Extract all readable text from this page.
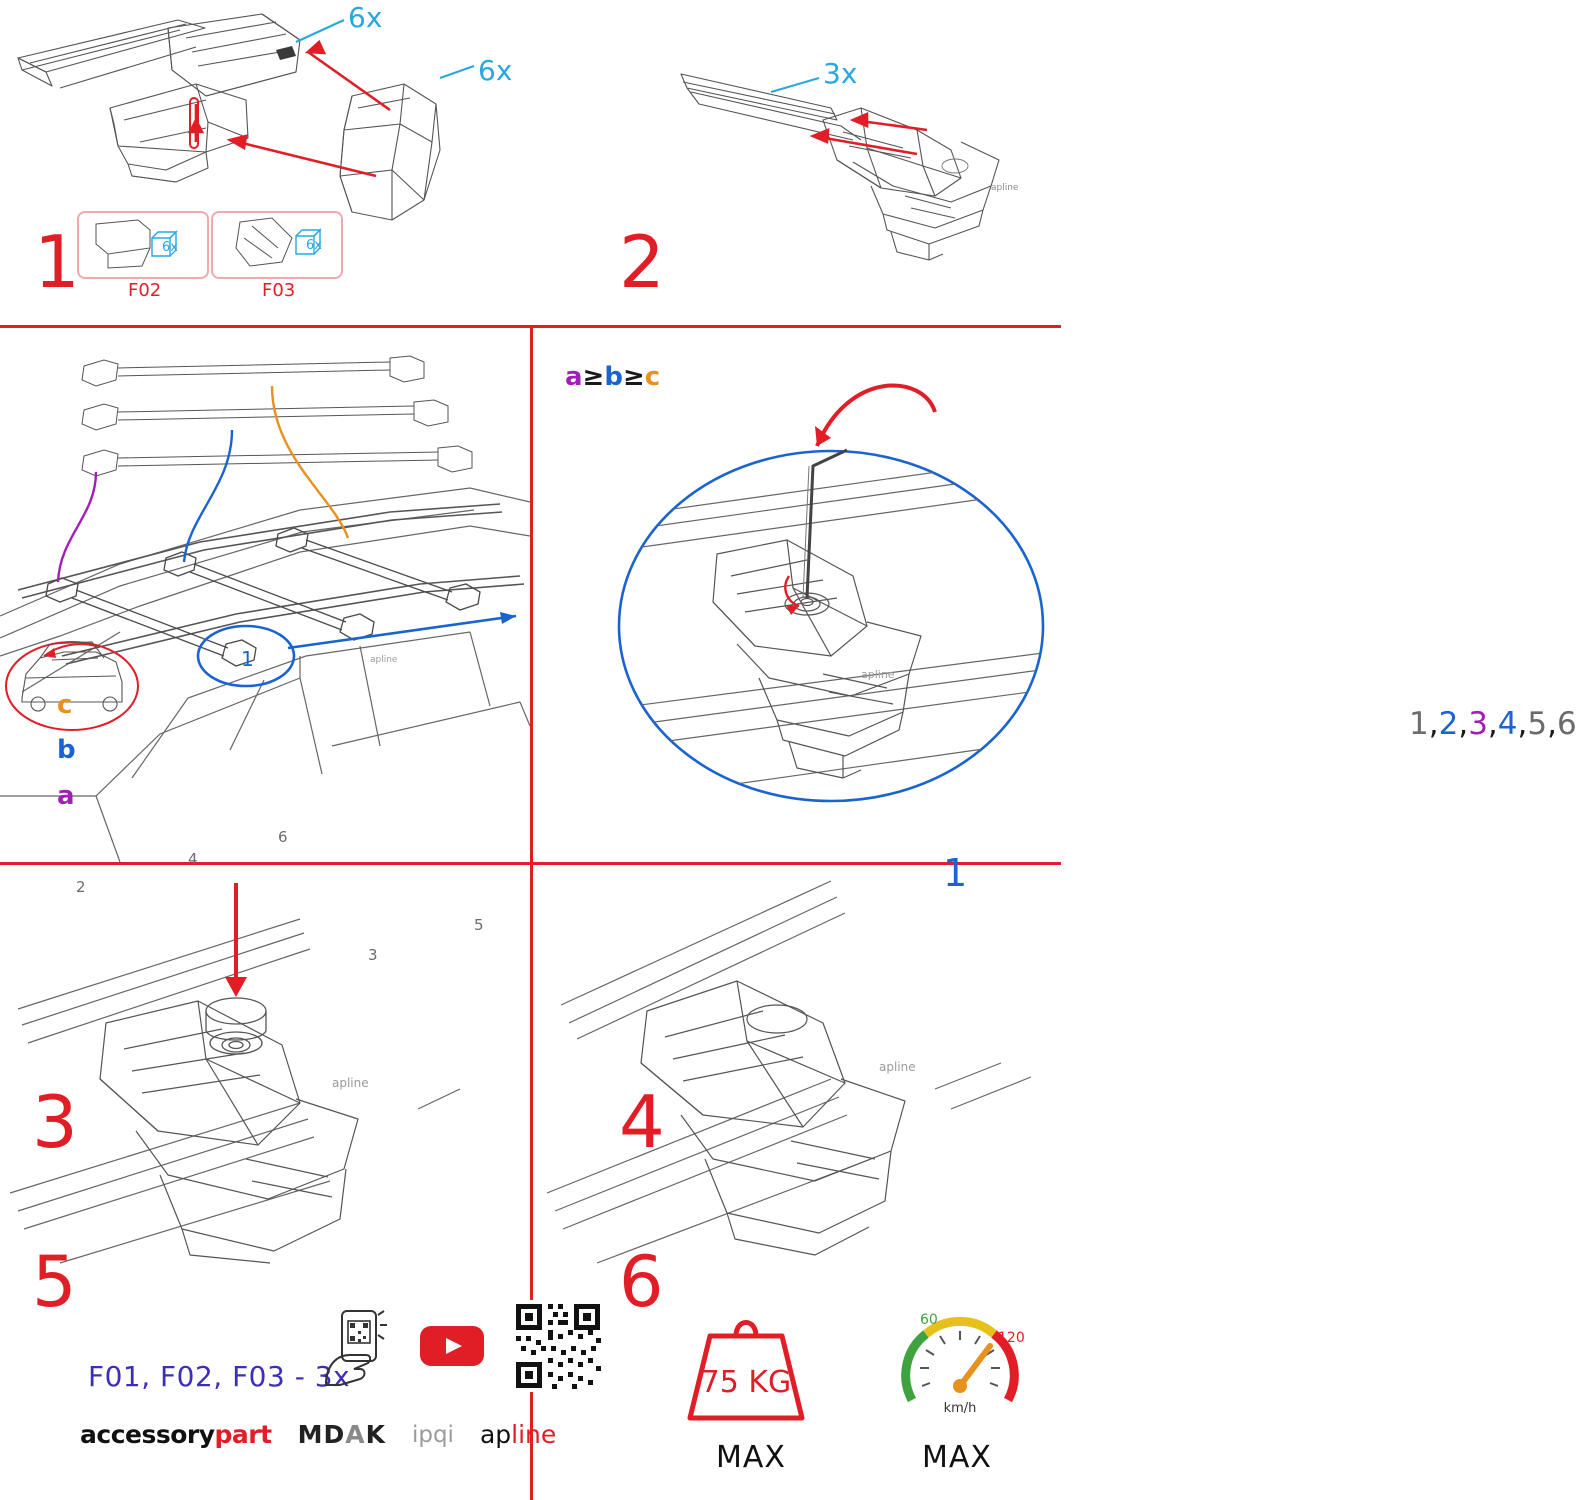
6x
6x
F02	F03
6x	6x
1
apline
3x
2
apline
c
b
a
3
2
4
6
3
5
1
a≥b≥c
apline
1,2,3,4,5,6
1
4
apline
5
apline
6
F01, F02, F03 - 3x
accessorypart MDAK ipqi apline
75 KG
MAX
60
120
km/h
MAX
